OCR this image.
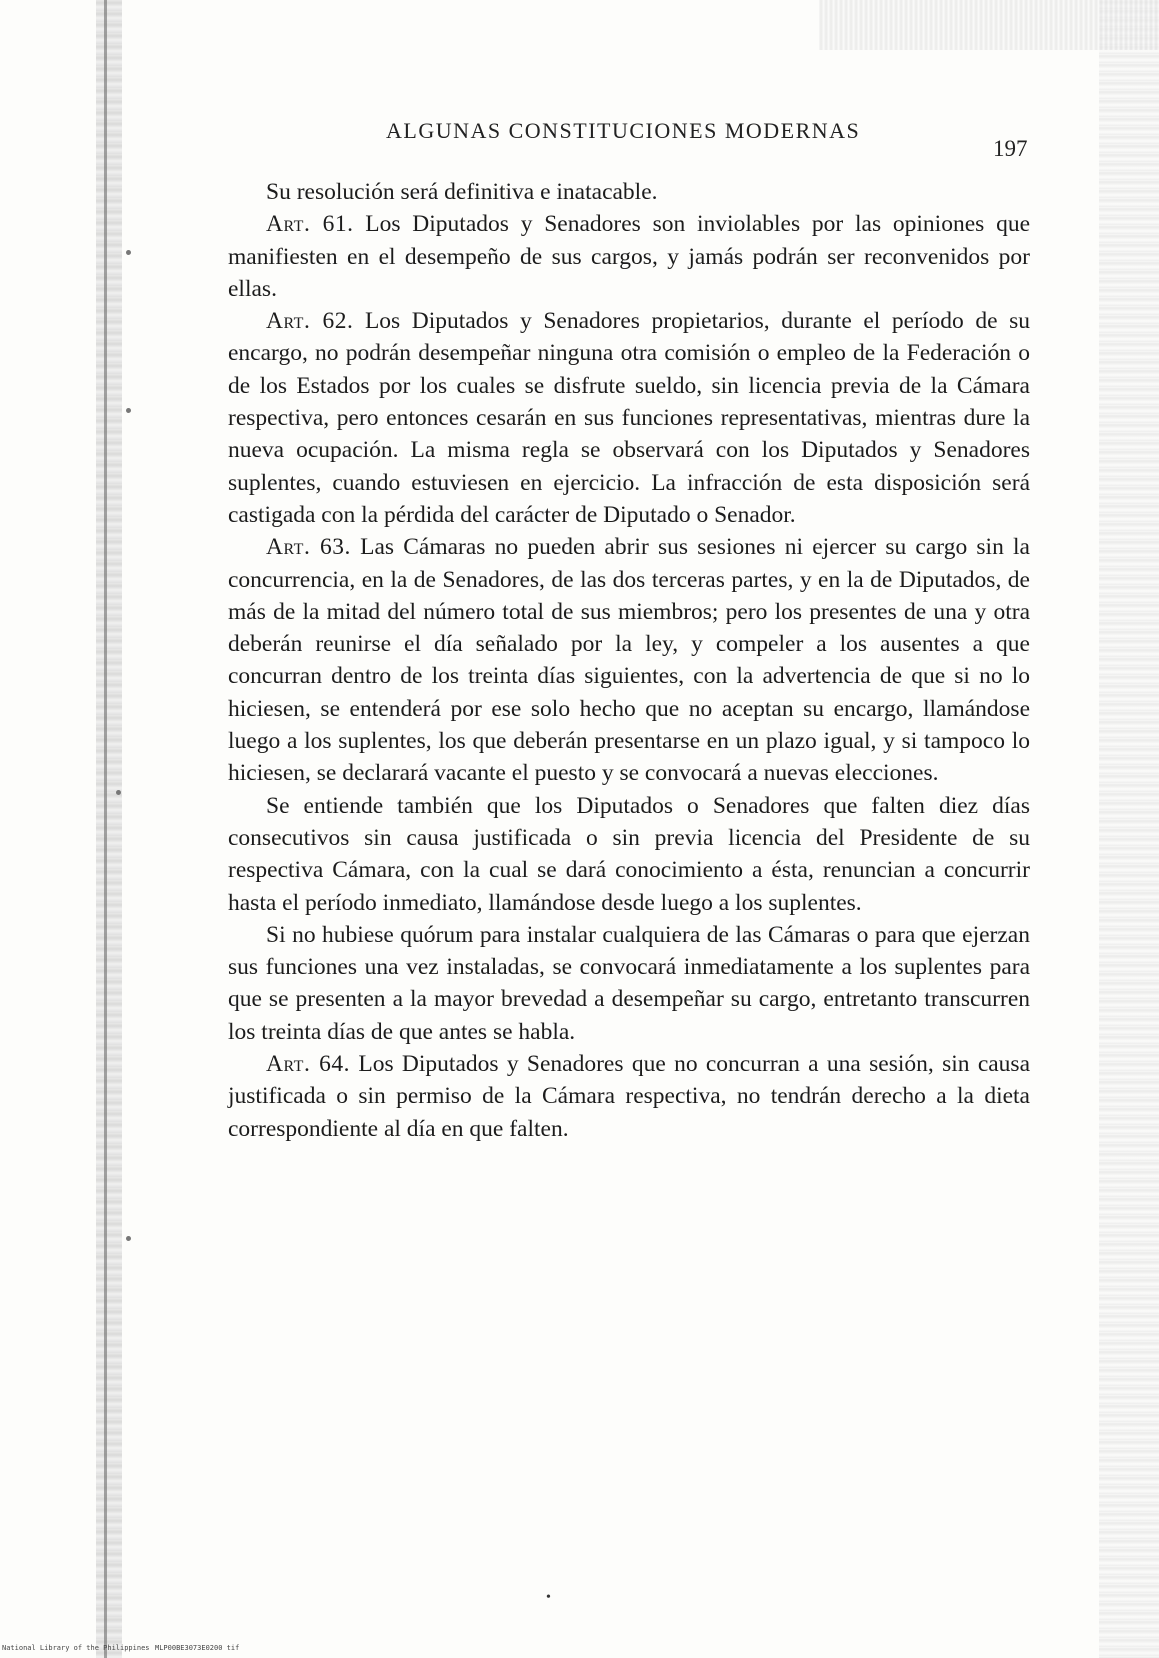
ALGUNAS CONSTITUCIONES MODERNAS
197

Su resolución será definitiva e inatacable.

Art. 61. Los Diputados y Senadores son inviolables por las opiniones que manifiesten en el desempeño de sus cargos, y jamás podrán ser reconvenidos por ellas.

Art. 62. Los Diputados y Senadores propietarios, durante el período de su encargo, no podrán desempeñar ninguna otra comisión o empleo de la Federación o de los Estados por los cuales se disfrute sueldo, sin licencia previa de la Cámara respectiva, pero entonces cesarán en sus funciones representativas, mientras dure la nueva ocupación. La misma regla se observará con los Diputados y Senadores suplentes, cuando estuviesen en ejercicio. La infracción de esta disposición será castigada con la pérdida del carácter de Diputado o Senador.

Art. 63. Las Cámaras no pueden abrir sus sesiones ni ejercer su cargo sin la concurrencia, en la de Senadores, de las dos terceras partes, y en la de Diputados, de más de la mitad del número total de sus miembros; pero los presentes de una y otra deberán reunirse el día señalado por la ley, y compeler a los ausentes a que concurran dentro de los treinta días siguientes, con la advertencia de que si no lo hiciesen, se entenderá por ese solo hecho que no aceptan su encargo, llamándose luego a los suplentes, los que deberán presentarse en un plazo igual, y si tampoco lo hiciesen, se declarará vacante el puesto y se convocará a nuevas elecciones.

Se entiende también que los Diputados o Senadores que falten diez días consecutivos sin causa justificada o sin previa licencia del Presidente de su respectiva Cámara, con la cual se dará conocimiento a ésta, renuncian a concurrir hasta el período inmediato, llamándose desde luego a los suplentes.

Si no hubiese quórum para instalar cualquiera de las Cámaras o para que ejerzan sus funciones una vez instaladas, se convocará inmediatamente a los suplentes para que se presenten a la mayor brevedad a desempeñar su cargo, entretanto transcurren los treinta días de que antes se habla.

Art. 64. Los Diputados y Senadores que no concurran a una sesión, sin causa justificada o sin permiso de la Cámara respectiva, no tendrán derecho a la dieta correspondiente al día en que falten.

•
National Library of the Philippines MLP00BE3073E0200 tif
